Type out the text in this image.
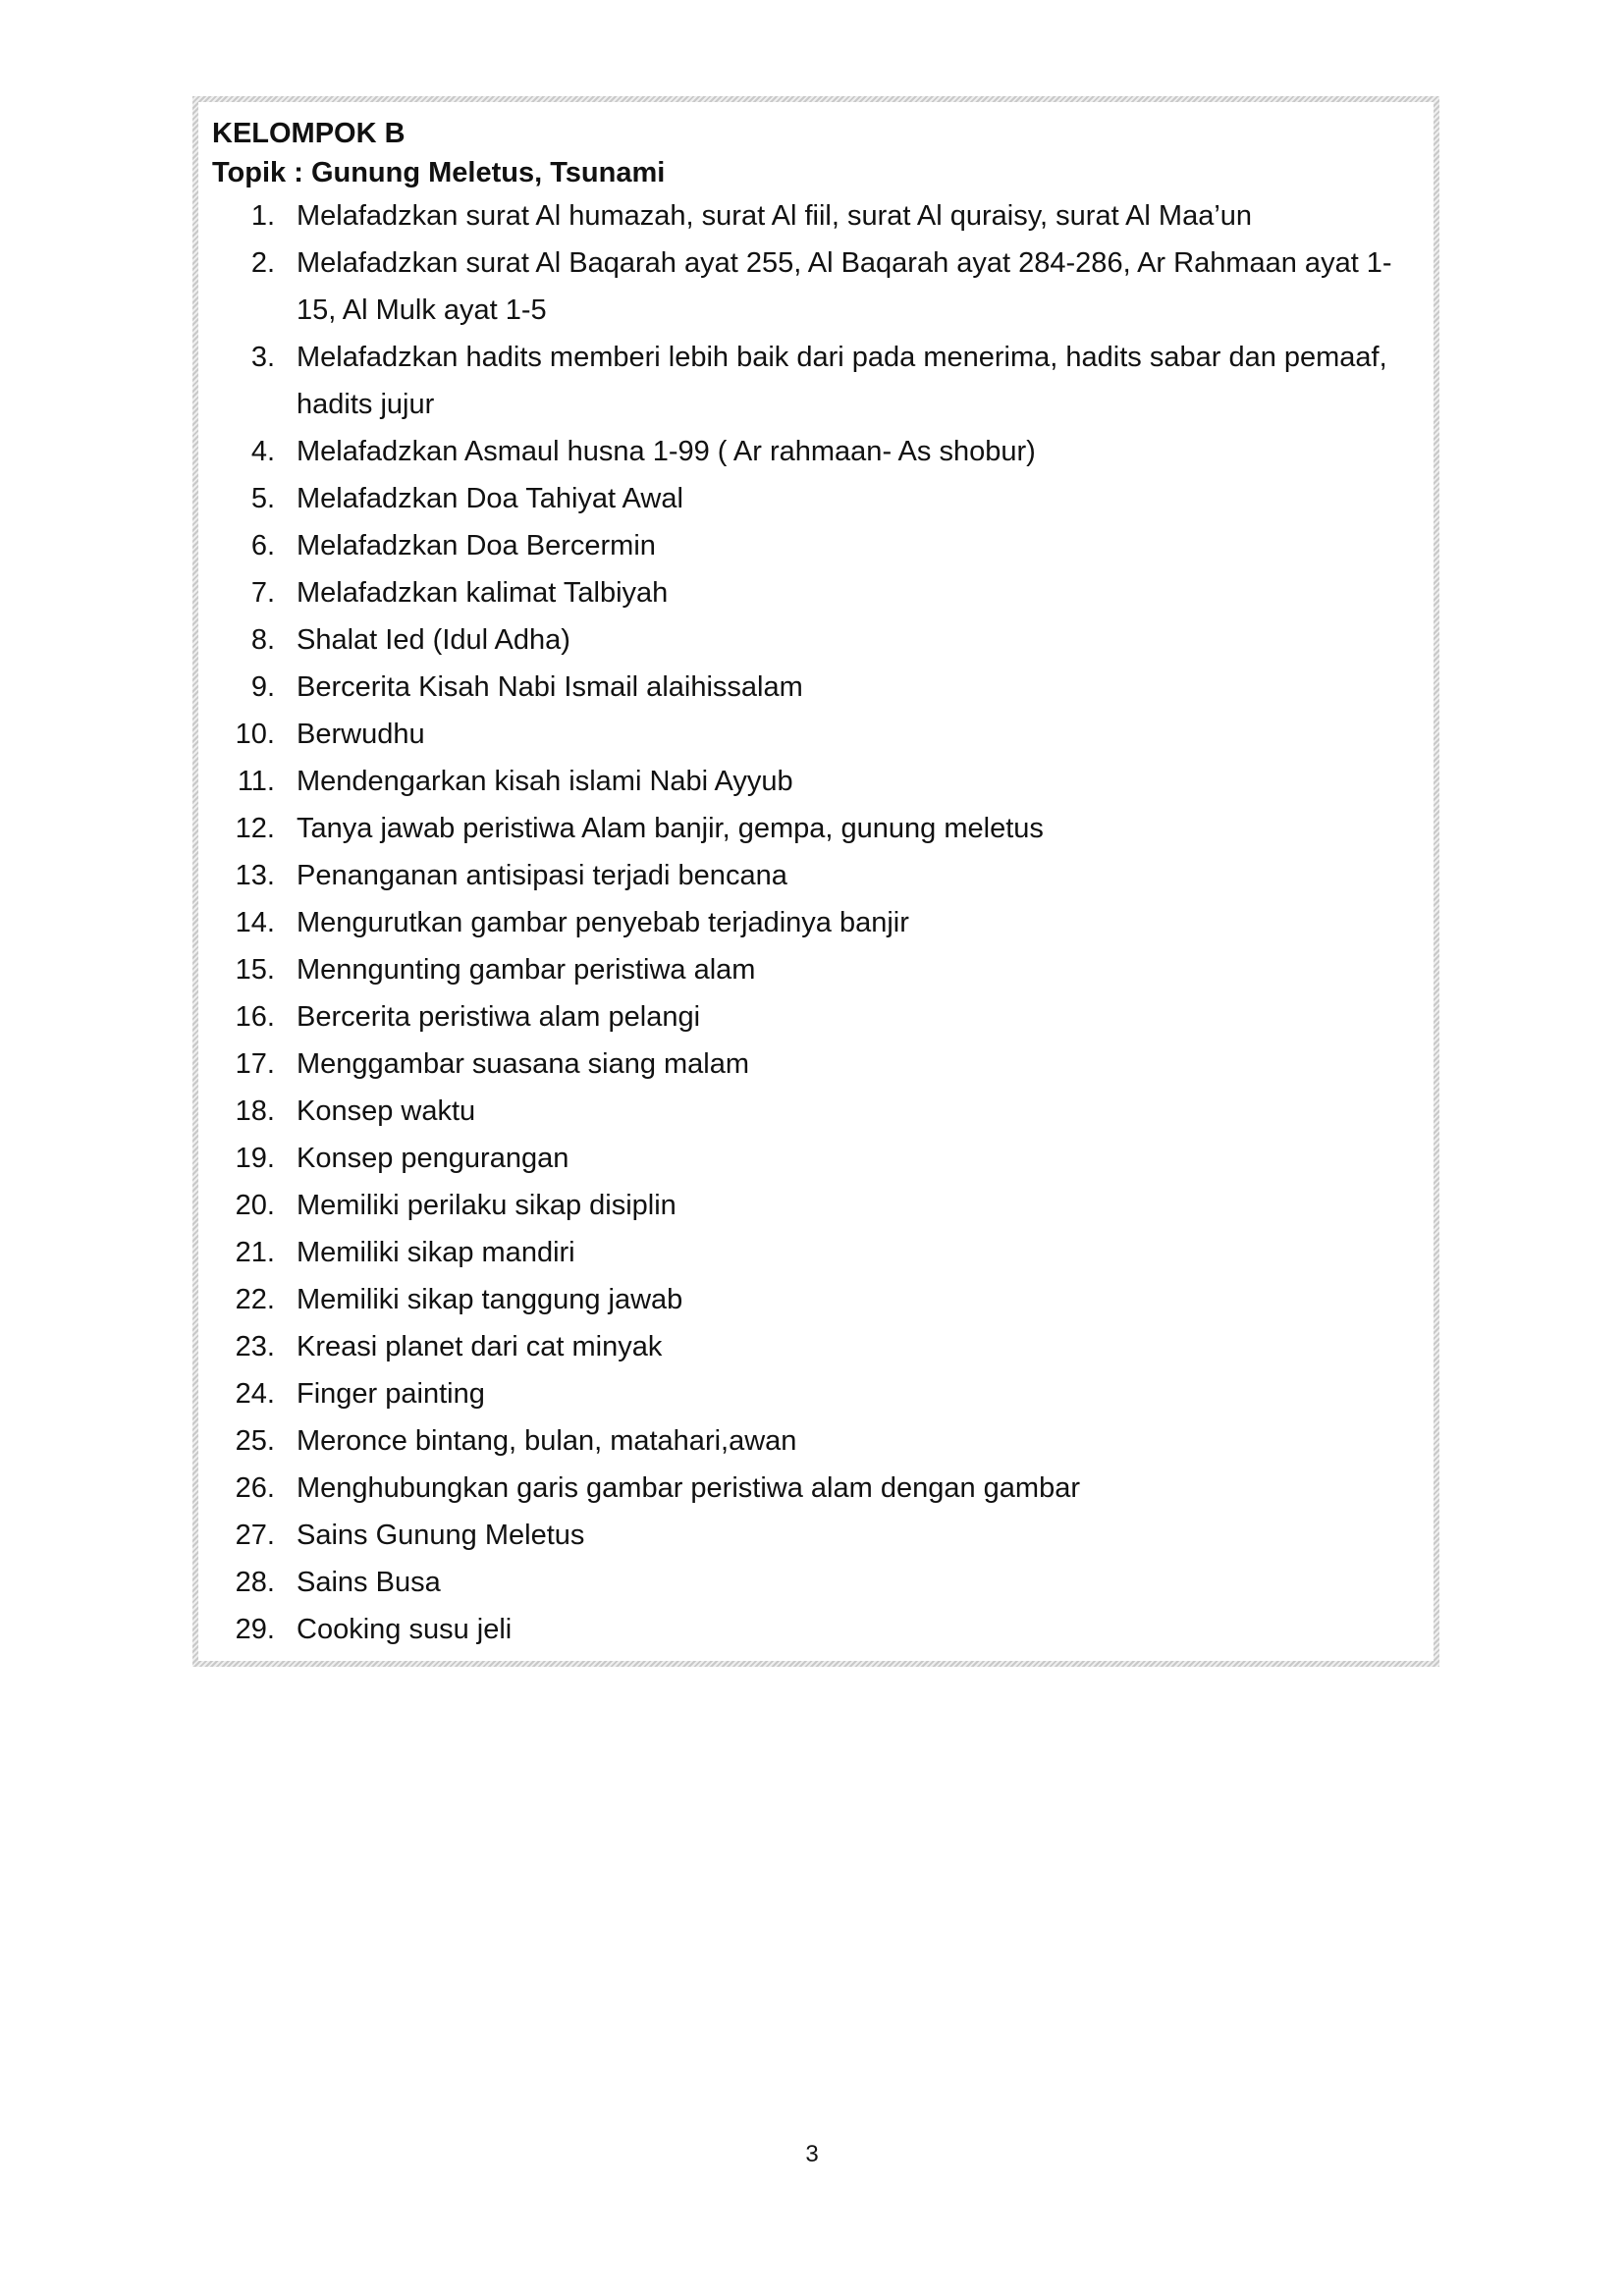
KELOMPOK B

Topik : Gunung Meletus, Tsunami

1. Melafadzkan surat Al humazah, surat Al fiil, surat Al quraisy, surat Al Maa’un
2. Melafadzkan surat Al Baqarah ayat 255, Al Baqarah ayat 284-286, Ar Rahmaan ayat 1-15, Al Mulk ayat 1-5
3. Melafadzkan hadits memberi lebih baik dari pada menerima, hadits sabar dan pemaaf, hadits jujur
4. Melafadzkan Asmaul husna 1-99 ( Ar rahmaan- As shobur)
5. Melafadzkan Doa Tahiyat Awal
6. Melafadzkan Doa Bercermin
7. Melafadzkan kalimat Talbiyah
8. Shalat Ied (Idul Adha)
9. Bercerita Kisah Nabi Ismail alaihissalam
10. Berwudhu
11. Mendengarkan kisah islami Nabi Ayyub
12. Tanya jawab peristiwa Alam banjir, gempa, gunung meletus
13. Penanganan antisipasi terjadi bencana
14. Mengurutkan gambar penyebab terjadinya banjir
15. Menngunting gambar peristiwa alam
16. Bercerita peristiwa alam pelangi
17. Menggambar suasana siang malam
18. Konsep waktu
19. Konsep pengurangan
20. Memiliki perilaku sikap disiplin
21. Memiliki sikap mandiri
22. Memiliki sikap tanggung jawab
23. Kreasi planet dari cat minyak
24. Finger painting
25. Meronce bintang, bulan, matahari,awan
26. Menghubungkan garis gambar peristiwa alam dengan gambar
27. Sains Gunung Meletus
28. Sains Busa
29. Cooking susu jeli
3
